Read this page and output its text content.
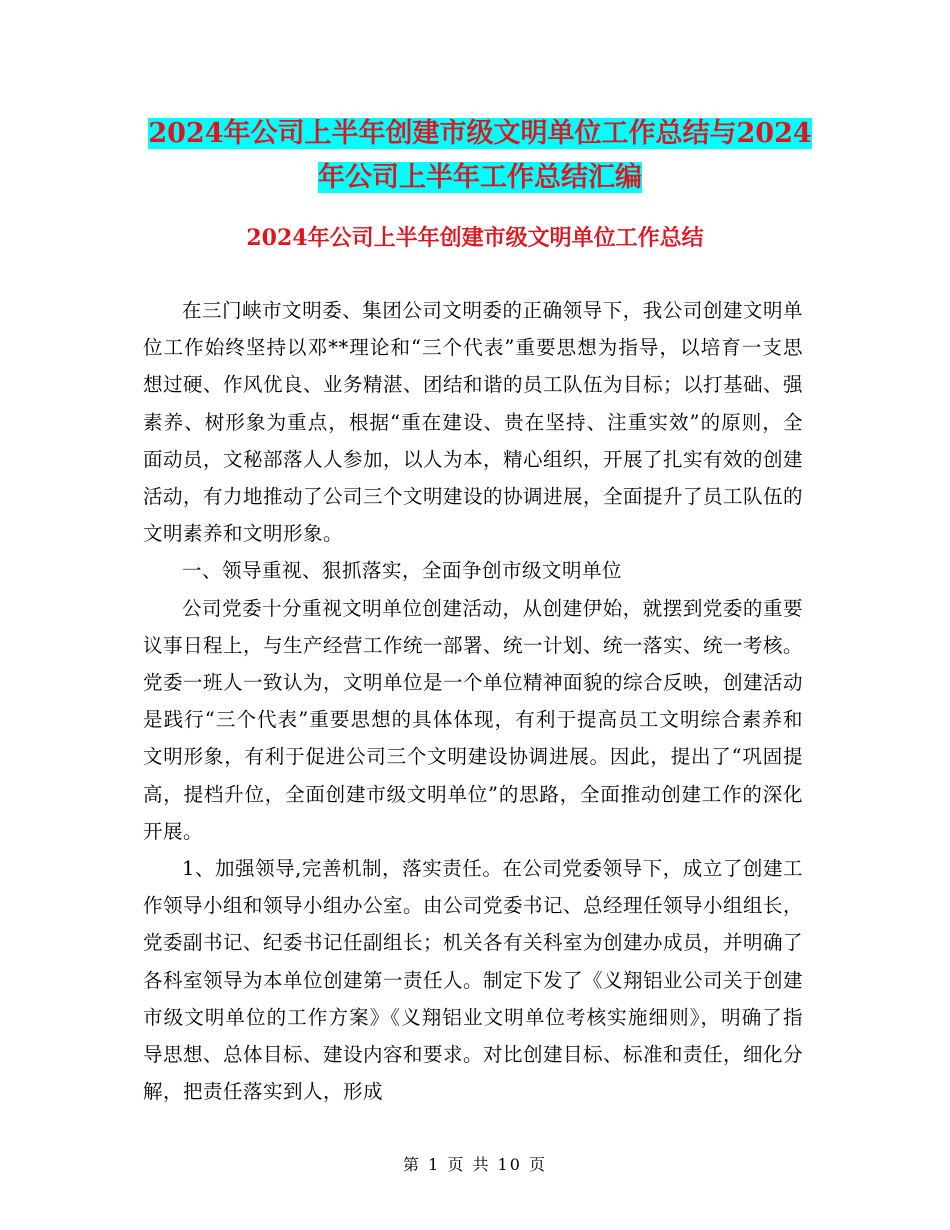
2024年公司上半年创建市级文明单位工作总结与2024
年公司上半年工作总结汇编
2024年公司上半年创建市级文明单位工作总结

在三门峡市文明委、集团公司文明委的正确领导下，我公司创建文明单位工作始终坚持以邓**理论和“三个代表”重要思想为指导，以培育一支思想过硬、作风优良、业务精湛、团结和谐的员工队伍为目标；以打基础、强素养、树形象为重点，根据“重在建设、贵在坚持、注重实效”的原则，全面动员，文秘部落人人参加，以人为本，精心组织，开展了扎实有效的创建活动，有力地推动了公司三个文明建设的协调进展，全面提升了员工队伍的文明素养和文明形象。

一、领导重视、狠抓落实，全面争创市级文明单位

公司党委十分重视文明单位创建活动，从创建伊始，就摆到党委的重要议事日程上，与生产经营工作统一部署、统一计划、统一落实、统一考核。党委一班人一致认为，文明单位是一个单位精神面貌的综合反映，创建活动是践行“三个代表”重要思想的具体体现，有利于提高员工文明综合素养和文明形象，有利于促进公司三个文明建设协调进展。因此，提出了“巩固提高，提档升位，全面创建市级文明单位”的思路，全面推动创建工作的深化开展。

1、加强领导,完善机制，落实责任。在公司党委领导下，成立了创建工作领导小组和领导小组办公室。由公司党委书记、总经理任领导小组组长，党委副书记、纪委书记任副组长；机关各有关科室为创建办成员，并明确了各科室领导为本单位创建第一责任人。制定下发了《义翔铝业公司关于创建市级文明单位的工作方案》《义翔铝业文明单位考核实施细则》，明确了指导思想、总体目标、建设内容和要求。对比创建目标、标准和责任，细化分解，把责任落实到人，形成

第 1 页 共 10 页
